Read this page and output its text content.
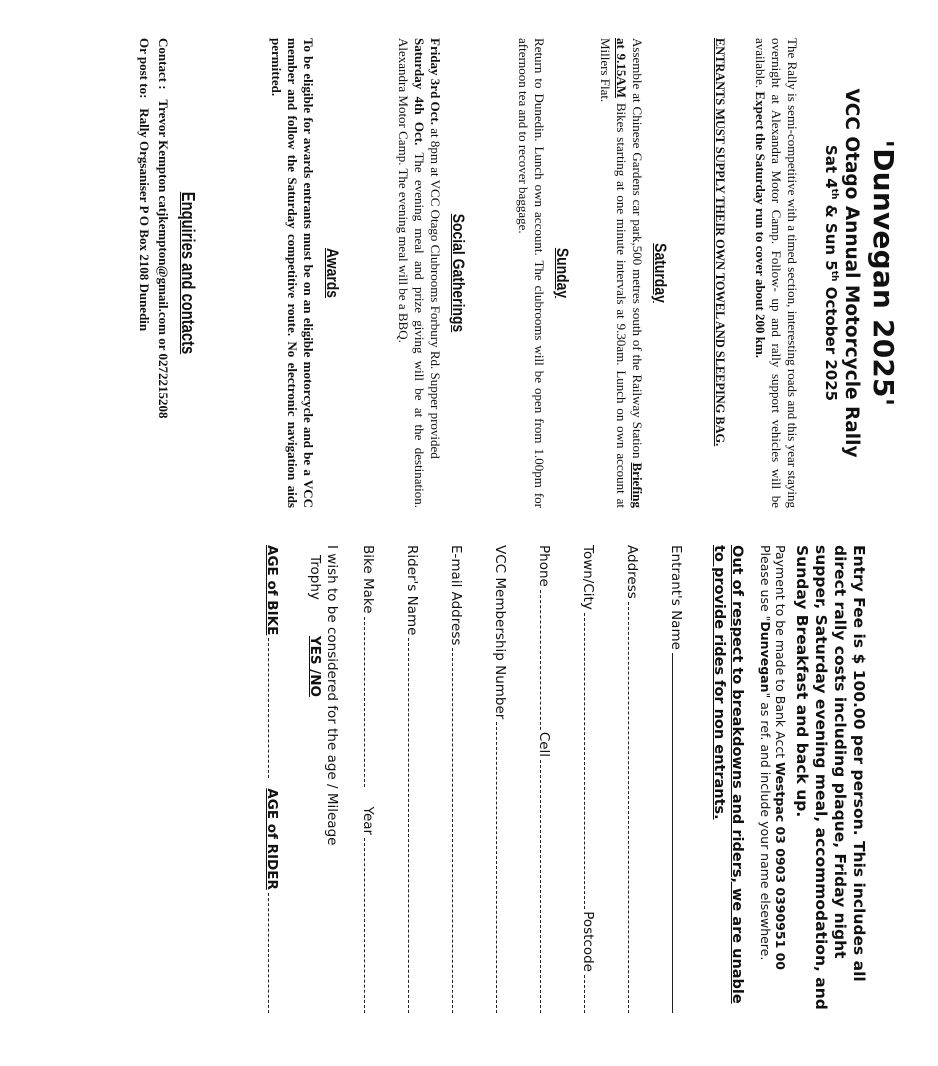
'Dunvegan 2025'
VCC Otago Annual Motorcycle Rally
Sat 4th & Sun 5th October 2025
The Rally is semi-competitive with a timed section, interesting roads and this year staying overnight at Alexandra Motor Camp. Follow- up and rally support vehicles will be available. Expect the Saturday run to cover about 200 km.
ENTRANTS MUST SUPPLY THEIR OWN TOWEL AND SLEEPING BAG.
Saturday
Assemble at Chinese Gardens car park,500 metres south of the Railway Station Briefing at 9.15AM Bikes starting at one minute intervals at 9.30am. Lunch on own account at Millers Flat.
Sunday
Return to Dunedin. Lunch own account. The clubrooms will be open from 1.00pm for afternoon tea and to recover baggage.
Social Gatherings
Friday 3rd Oct. at 8pm at VCC Otago Clubrooms Forbury Rd. Supper provided
Saturday 4th Oct. The evening meal and prize giving will be at the destination. Alexandra Motor Camp. The evening meal will be a BBQ.
Awards
To be eligible for awards entrants must be on an eligible motorcycle and be a VCC member and follow the Saturday competitive route. No electronic navigation aids permitted.
Enquiries and contacts
Contact :   Trevor Kempton catjkempton@gmail.com or 0272215208
Or post to:   Rally Orgsaniser P O Box 2108 Dunedin
Entry Fee is $ 100.00 per person. This includes all direct rally costs including plaque, Friday night supper, Saturday evening meal, accommodation, and Sunday Breakfast and back up.
Payment to be made to Bank Acct Westpac 03 0903 0390951 00
Please use "Dunvegan" as ref. and include your name elsewhere.
Out of respect to breakdowns and riders, we are unable to provide rides for non entrants.
Entrant's Name
Address
Town/City
Postcode
Phone
Cell
VCC Membership Number
E-mail Address
Rider's Name
Bike Make
Year
I wish to be considered for the age / Mileage
TrophyYES /NO
AGE of BIKE
AGE of RIDER
